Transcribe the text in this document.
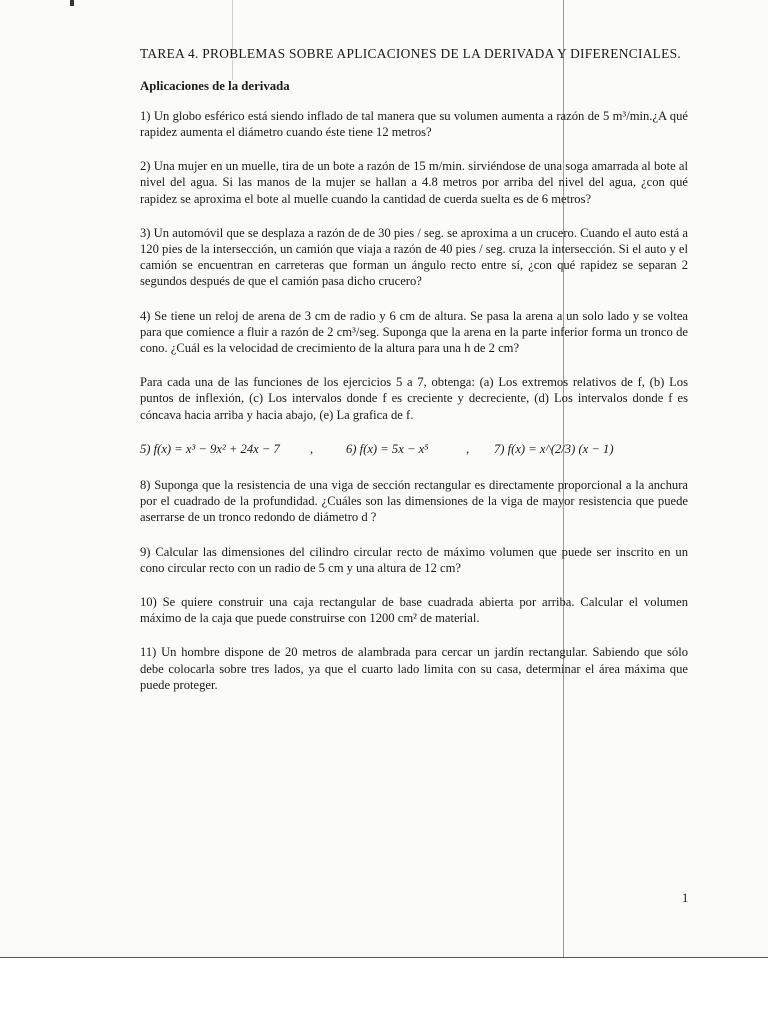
TAREA 4. PROBLEMAS SOBRE APLICACIONES DE LA DERIVADA Y DIFERENCIALES.

Aplicaciones de la derivada

1) Un globo esférico está siendo inflado de tal manera que su volumen aumenta a razón de 5 m³/min.¿A qué rapidez aumenta el diámetro cuando éste tiene 12 metros?

2) Una mujer en un muelle, tira de un bote a razón de 15 m/min. sirviéndose de una soga amarrada al bote al nivel del agua. Si las manos de la mujer se hallan a 4.8 metros por arriba del nivel del agua, ¿con qué rapidez se aproxima el bote al muelle cuando la cantidad de cuerda suelta es de 6 metros?

3) Un automóvil que se desplaza a razón de de 30 pies / seg. se aproxima a un crucero. Cuando el auto está a 120 pies de la intersección, un camión que viaja a razón de 40 pies / seg. cruza la intersección. Si el auto y el camión se encuentran en carreteras que forman un ángulo recto entre sí, ¿con qué rapidez se separan 2 segundos después de que el camión pasa dicho crucero?

4) Se tiene un reloj de arena de 3 cm de radio y 6 cm de altura. Se pasa la arena a un solo lado y se voltea para que comience a fluir a razón de 2 cm³/seg. Suponga que la arena en la parte inferior forma un tronco de cono. ¿Cuál es la velocidad de crecimiento de la altura para una h de 2 cm?

Para cada una de las funciones de los ejercicios 5 a 7, obtenga: (a) Los extremos relativos de f, (b) Los puntos de inflexión, (c) Los intervalos donde f es creciente y decreciente, (d) Los intervalos donde f es cóncava hacia arriba y hacia abajo, (e) La grafica de f.

5) f(x) = x³ − 9x² + 24x − 7	,	6) f(x) = 5x − x⁵	,	7) f(x) = x^(2/3) (x − 1)

8) Suponga que la resistencia de una viga de sección rectangular es directamente proporcional a la anchura por el cuadrado de la profundidad. ¿Cuáles son las dimensiones de la viga de mayor resistencia que puede aserrarse de un tronco redondo de diámetro d ?

9) Calcular las dimensiones del cilindro circular recto de máximo volumen que puede ser inscrito en un cono circular recto con un radio de 5 cm y una altura de 12 cm?

10) Se quiere construir una caja rectangular de base cuadrada abierta por arriba. Calcular el volumen máximo de la caja que puede construirse con 1200 cm² de material.

11) Un hombre dispone de 20 metros de alambrada para cercar un jardín rectangular. Sabiendo que sólo debe colocarla sobre tres lados, ya que el cuarto lado limita con su casa, determinar el área máxima que puede proteger.

1
